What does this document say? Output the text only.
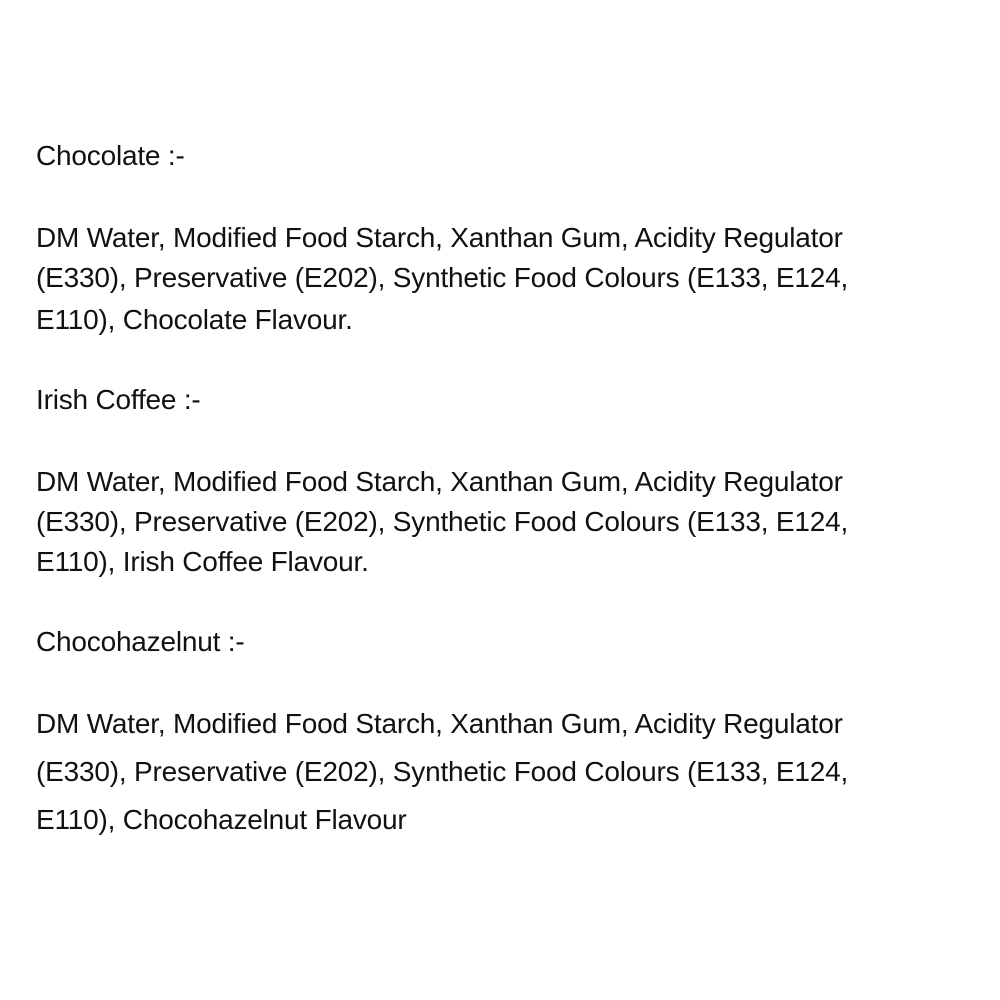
Chocolate :-
DM Water, Modified Food Starch, Xanthan Gum, Acidity Regulator
(E330), Preservative (E202), Synthetic Food Colours (E133, E124,
E110), Chocolate Flavour.
Irish Coffee :-
DM Water, Modified Food Starch, Xanthan Gum, Acidity Regulator
(E330), Preservative (E202), Synthetic Food Colours (E133, E124,
E110), Irish Coffee Flavour.
Chocohazelnut :-
DM Water, Modified Food Starch, Xanthan Gum, Acidity Regulator
(E330), Preservative (E202), Synthetic Food Colours (E133, E124,
E110), Chocohazelnut Flavour
